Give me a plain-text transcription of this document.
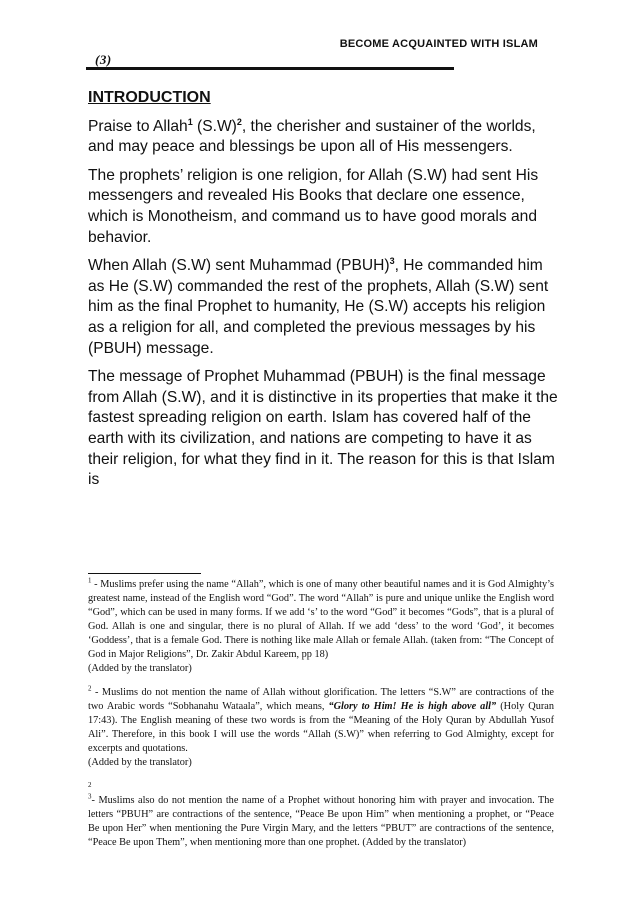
(3)
BECOME ACQUAINTED WITH ISLAM
INTRODUCTION
Praise to Allah$^1$ $(S.W)^2$, the cherisher and sustainer of the worlds, and may peace and blessings be upon all of His messengers.
The prophets’ religion is one religion, for Allah (S.W) had sent His messengers and revealed His Books that declare one essence, which is Monotheism, and command us to have good morals and behavior.
When Allah (S.W) sent Muhammad (PBUH)$^3$, He commanded him as He (S.W) commanded the rest of the prophets, Allah (S.W) sent him as the final Prophet to humanity, He (S.W) accepts his religion as a religion for all, and completed the previous messages by his (PBUH) message.
The message of Prophet Muhammad (PBUH) is the final message from Allah (S.W), and it is distinctive in its properties that make it the fastest spreading religion on earth. Islam has covered half of the earth with its civilization, and nations are competing to have it as their religion, for what they find in it. The reason for this is that Islam is
$^1$ - Muslims prefer using the name “Allah”, which is one of many other beautiful names and it is God Almighty’s greatest name, instead of the English word “God”. The word “Allah” is pure and unique unlike the English word “God”, which can be used in many forms. If we add ‘s’ to the word “God” it becomes “Gods”, that is a plural of God. Allah is one and singular, there is no plural of Allah. If we add ‘dess’ to the word ‘God’, it becomes ‘Goddess’, that is a female God. There is nothing like male Allah or female Allah. (taken from: “The Concept of God in Major Religions”, Dr. Zakir Abdul Kareem, pp 18)
(Added by the translator)
$^2$ - Muslims do not mention the name of Allah without glorification. The letters “S.W” are contractions of the two Arabic words “Sobhanahu Wataala”, which means, “Glory to Him! He is high above all” (Holy Quran 17:43). The English meaning of these two words is from the “Meaning of the Holy Quran by Abdullah Yusof Ali”. Therefore, in this book I will use the words “Allah (S.W)” when referring to God Almighty, except for excerpts and quotations.
(Added by the translator)
2
$^3$- Muslims also do not mention the name of a Prophet without honoring him with prayer and invocation. The letters “PBUH” are contractions of the sentence, “Peace Be upon Him” when mentioning a prophet, or “Peace Be upon Her” when mentioning the Pure Virgin Mary, and the letters “PBUT” are contractions of the sentence, “Peace Be upon Them”, when mentioning more than one prophet. (Added by the translator)
